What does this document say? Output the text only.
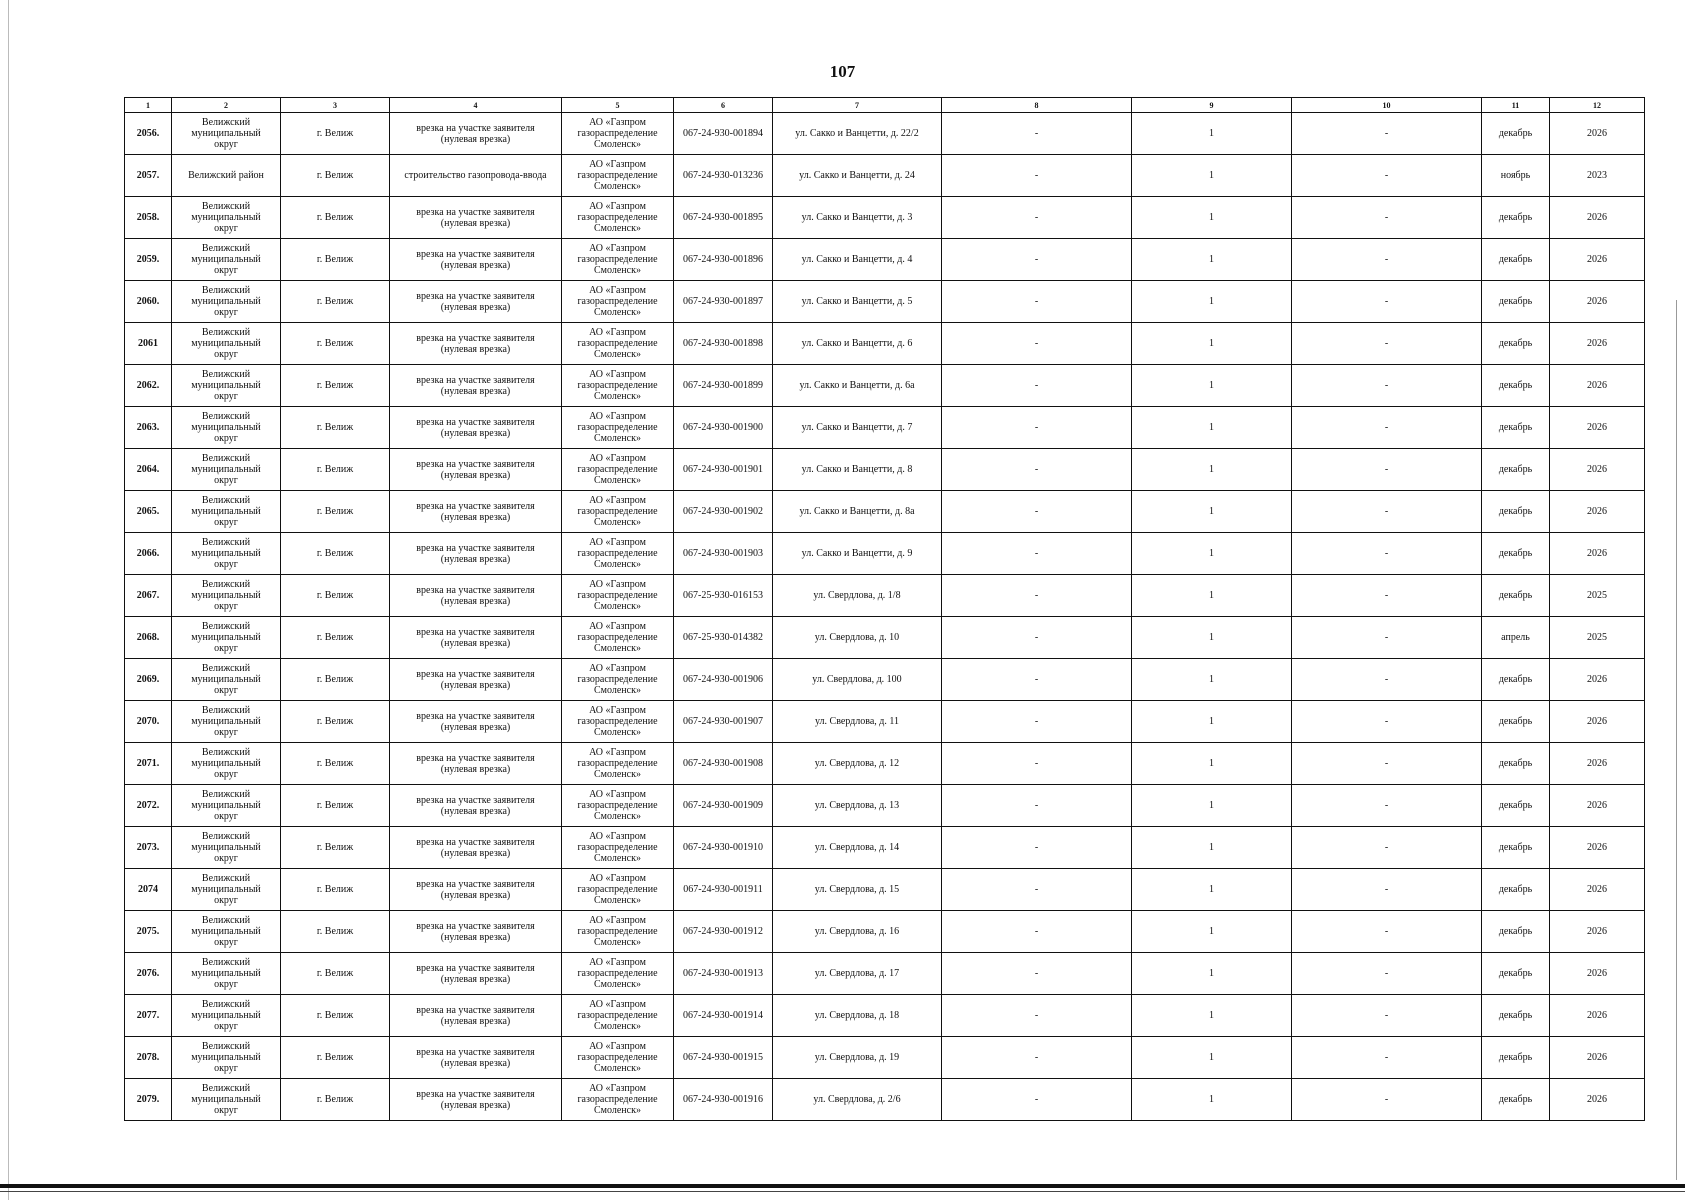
107
1	2	3	4	5	6	7	8	9	10	11	12
2056.	Велижский
муниципальный
округ	г. Велиж	врезка на участке заявителя
(нулевая врезка)	АО «Газпром
газораспределение
Смоленск»	067-24-930-001894	ул. Сакко и Ванцетти, д. 22/2	-	1	-	декабрь	2026
2057.	Велижский район	г. Велиж	строительство газопровода-ввода	АО «Газпром
газораспределение
Смоленск»	067-24-930-013236	ул. Сакко и Ванцетти, д. 24	-	1	-	ноябрь	2023
2058.	Велижский
муниципальный
округ	г. Велиж	врезка на участке заявителя
(нулевая врезка)	АО «Газпром
газораспределение
Смоленск»	067-24-930-001895	ул. Сакко и Ванцетти, д. 3	-	1	-	декабрь	2026
2059.	Велижский
муниципальный
округ	г. Велиж	врезка на участке заявителя
(нулевая врезка)	АО «Газпром
газораспределение
Смоленск»	067-24-930-001896	ул. Сакко и Ванцетти, д. 4	-	1	-	декабрь	2026
2060.	Велижский
муниципальный
округ	г. Велиж	врезка на участке заявителя
(нулевая врезка)	АО «Газпром
газораспределение
Смоленск»	067-24-930-001897	ул. Сакко и Ванцетти, д. 5	-	1	-	декабрь	2026
2061	Велижский
муниципальный
округ	г. Велиж	врезка на участке заявителя
(нулевая врезка)	АО «Газпром
газораспределение
Смоленск»	067-24-930-001898	ул. Сакко и Ванцетти, д. 6	-	1	-	декабрь	2026
2062.	Велижский
муниципальный
округ	г. Велиж	врезка на участке заявителя
(нулевая врезка)	АО «Газпром
газораспределение
Смоленск»	067-24-930-001899	ул. Сакко и Ванцетти, д. 6а	-	1	-	декабрь	2026
2063.	Велижский
муниципальный
округ	г. Велиж	врезка на участке заявителя
(нулевая врезка)	АО «Газпром
газораспределение
Смоленск»	067-24-930-001900	ул. Сакко и Ванцетти, д. 7	-	1	-	декабрь	2026
2064.	Велижский
муниципальный
округ	г. Велиж	врезка на участке заявителя
(нулевая врезка)	АО «Газпром
газораспределение
Смоленск»	067-24-930-001901	ул. Сакко и Ванцетти, д. 8	-	1	-	декабрь	2026
2065.	Велижский
муниципальный
округ	г. Велиж	врезка на участке заявителя
(нулевая врезка)	АО «Газпром
газораспределение
Смоленск»	067-24-930-001902	ул. Сакко и Ванцетти, д. 8а	-	1	-	декабрь	2026
2066.	Велижский
муниципальный
округ	г. Велиж	врезка на участке заявителя
(нулевая врезка)	АО «Газпром
газораспределение
Смоленск»	067-24-930-001903	ул. Сакко и Ванцетти, д. 9	-	1	-	декабрь	2026
2067.	Велижский
муниципальный
округ	г. Велиж	врезка на участке заявителя
(нулевая врезка)	АО «Газпром
газораспределение
Смоленск»	067-25-930-016153	ул. Свердлова, д. 1/8	-	1	-	декабрь	2025
2068.	Велижский
муниципальный
округ	г. Велиж	врезка на участке заявителя
(нулевая врезка)	АО «Газпром
газораспределение
Смоленск»	067-25-930-014382	ул. Свердлова, д. 10	-	1	-	апрель	2025
2069.	Велижский
муниципальный
округ	г. Велиж	врезка на участке заявителя
(нулевая врезка)	АО «Газпром
газораспределение
Смоленск»	067-24-930-001906	ул. Свердлова, д. 100	-	1	-	декабрь	2026
2070.	Велижский
муниципальный
округ	г. Велиж	врезка на участке заявителя
(нулевая врезка)	АО «Газпром
газораспределение
Смоленск»	067-24-930-001907	ул. Свердлова, д. 11	-	1	-	декабрь	2026
2071.	Велижский
муниципальный
округ	г. Велиж	врезка на участке заявителя
(нулевая врезка)	АО «Газпром
газораспределение
Смоленск»	067-24-930-001908	ул. Свердлова, д. 12	-	1	-	декабрь	2026
2072.	Велижский
муниципальный
округ	г. Велиж	врезка на участке заявителя
(нулевая врезка)	АО «Газпром
газораспределение
Смоленск»	067-24-930-001909	ул. Свердлова, д. 13	-	1	-	декабрь	2026
2073.	Велижский
муниципальный
округ	г. Велиж	врезка на участке заявителя
(нулевая врезка)	АО «Газпром
газораспределение
Смоленск»	067-24-930-001910	ул. Свердлова, д. 14	-	1	-	декабрь	2026
2074	Велижский
муниципальный
округ	г. Велиж	врезка на участке заявителя
(нулевая врезка)	АО «Газпром
газораспределение
Смоленск»	067-24-930-001911	ул. Свердлова, д. 15	-	1	-	декабрь	2026
2075.	Велижский
муниципальный
округ	г. Велиж	врезка на участке заявителя
(нулевая врезка)	АО «Газпром
газораспределение
Смоленск»	067-24-930-001912	ул. Свердлова, д. 16	-	1	-	декабрь	2026
2076.	Велижский
муниципальный
округ	г. Велиж	врезка на участке заявителя
(нулевая врезка)	АО «Газпром
газораспределение
Смоленск»	067-24-930-001913	ул. Свердлова, д. 17	-	1	-	декабрь	2026
2077.	Велижский
муниципальный
округ	г. Велиж	врезка на участке заявителя
(нулевая врезка)	АО «Газпром
газораспределение
Смоленск»	067-24-930-001914	ул. Свердлова, д. 18	-	1	-	декабрь	2026
2078.	Велижский
муниципальный
округ	г. Велиж	врезка на участке заявителя
(нулевая врезка)	АО «Газпром
газораспределение
Смоленск»	067-24-930-001915	ул. Свердлова, д. 19	-	1	-	декабрь	2026
2079.	Велижский
муниципальный
округ	г. Велиж	врезка на участке заявителя
(нулевая врезка)	АО «Газпром
газораспределение
Смоленск»	067-24-930-001916	ул. Свердлова, д. 2/6	-	1	-	декабрь	2026
